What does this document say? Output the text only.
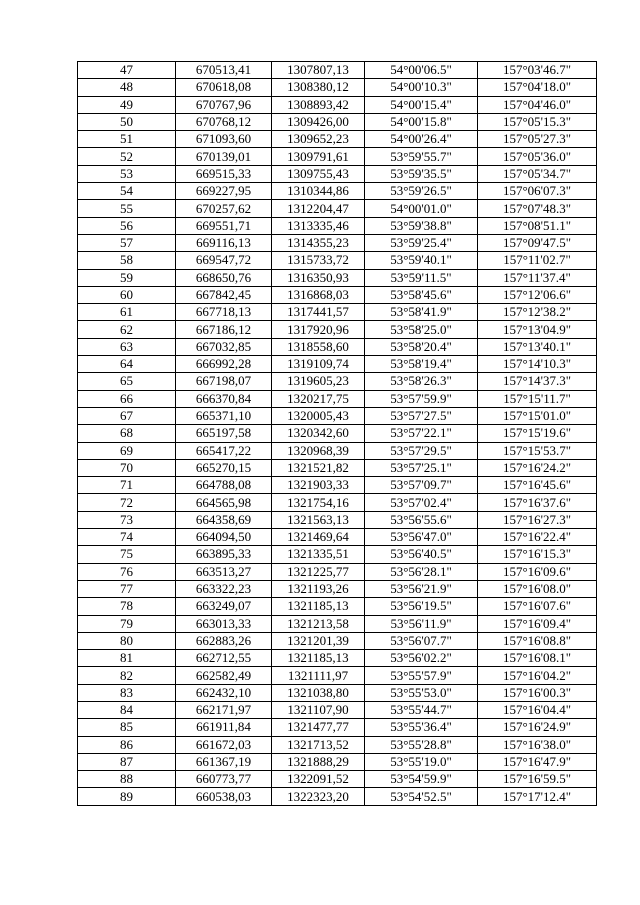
47	670513,41	1307807,13	54°00'06.5"	157°03'46.7"
48	670618,08	1308380,12	54°00'10.3"	157°04'18.0"
49	670767,96	1308893,42	54°00'15.4"	157°04'46.0"
50	670768,12	1309426,00	54°00'15.8"	157°05'15.3"
51	671093,60	1309652,23	54°00'26.4"	157°05'27.3"
52	670139,01	1309791,61	53°59'55.7"	157°05'36.0"
53	669515,33	1309755,43	53°59'35.5"	157°05'34.7"
54	669227,95	1310344,86	53°59'26.5"	157°06'07.3"
55	670257,62	1312204,47	54°00'01.0"	157°07'48.3"
56	669551,71	1313335,46	53°59'38.8"	157°08'51.1"
57	669116,13	1314355,23	53°59'25.4"	157°09'47.5"
58	669547,72	1315733,72	53°59'40.1"	157°11'02.7"
59	668650,76	1316350,93	53°59'11.5"	157°11'37.4"
60	667842,45	1316868,03	53°58'45.6"	157°12'06.6"
61	667718,13	1317441,57	53°58'41.9"	157°12'38.2"
62	667186,12	1317920,96	53°58'25.0"	157°13'04.9"
63	667032,85	1318558,60	53°58'20.4"	157°13'40.1"
64	666992,28	1319109,74	53°58'19.4"	157°14'10.3"
65	667198,07	1319605,23	53°58'26.3"	157°14'37.3"
66	666370,84	1320217,75	53°57'59.9"	157°15'11.7"
67	665371,10	1320005,43	53°57'27.5"	157°15'01.0"
68	665197,58	1320342,60	53°57'22.1"	157°15'19.6"
69	665417,22	1320968,39	53°57'29.5"	157°15'53.7"
70	665270,15	1321521,82	53°57'25.1"	157°16'24.2"
71	664788,08	1321903,33	53°57'09.7"	157°16'45.6"
72	664565,98	1321754,16	53°57'02.4"	157°16'37.6"
73	664358,69	1321563,13	53°56'55.6"	157°16'27.3"
74	664094,50	1321469,64	53°56'47.0"	157°16'22.4"
75	663895,33	1321335,51	53°56'40.5"	157°16'15.3"
76	663513,27	1321225,77	53°56'28.1"	157°16'09.6"
77	663322,23	1321193,26	53°56'21.9"	157°16'08.0"
78	663249,07	1321185,13	53°56'19.5"	157°16'07.6"
79	663013,33	1321213,58	53°56'11.9"	157°16'09.4"
80	662883,26	1321201,39	53°56'07.7"	157°16'08.8"
81	662712,55	1321185,13	53°56'02.2"	157°16'08.1"
82	662582,49	1321111,97	53°55'57.9"	157°16'04.2"
83	662432,10	1321038,80	53°55'53.0"	157°16'00.3"
84	662171,97	1321107,90	53°55'44.7"	157°16'04.4"
85	661911,84	1321477,77	53°55'36.4"	157°16'24.9"
86	661672,03	1321713,52	53°55'28.8"	157°16'38.0"
87	661367,19	1321888,29	53°55'19.0"	157°16'47.9"
88	660773,77	1322091,52	53°54'59.9"	157°16'59.5"
89	660538,03	1322323,20	53°54'52.5"	157°17'12.4"
